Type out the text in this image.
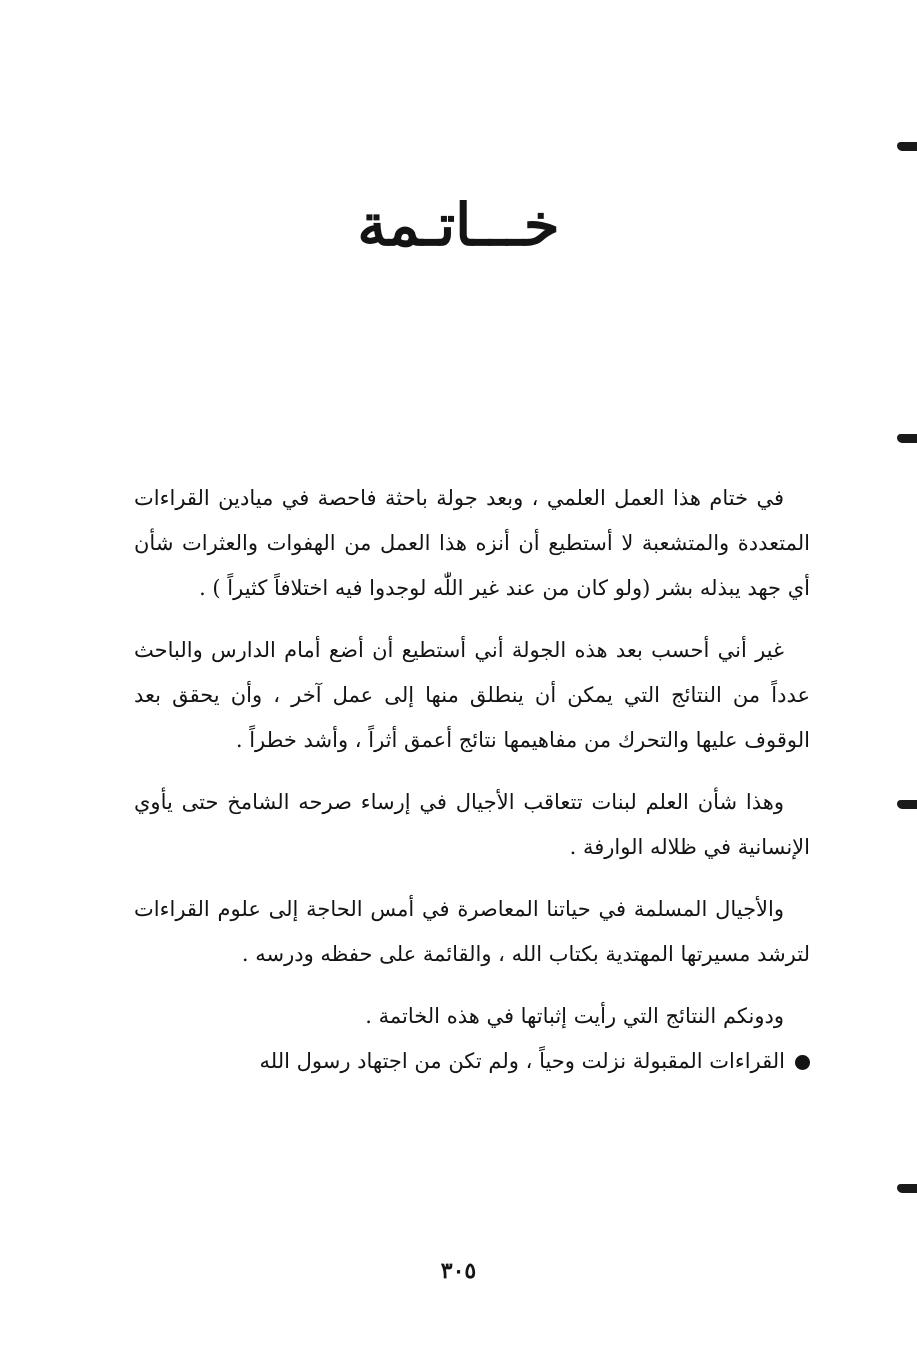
خـــاتـمة

في ختام هذا العمل العلمي ، وبعد جولة باحثة فاحصة في ميادين القراءات المتعددة والمتشعبة لا أستطيع أن أنزه هذا العمل من الهفوات والعثرات شأن أي جهد يبذله بشر (ولو كان من عند غير اللّٰه لوجدوا فيه اختلافاً كثيراً ) .

غير أني أحسب بعد هذه الجولة أني أستطيع أن أضع أمام الدارس والباحث عدداً من النتائج التي يمكن أن ينطلق منها إلى عمل آخر ، وأن يحقق بعد الوقوف عليها والتحرك من مفاهيمها نتائج أعمق أثراً ، وأشد خطراً .

وهذا شأن العلم لبنات تتعاقب الأجيال في إرساء صرحه الشامخ حتى يأوي الإنسانية في ظلاله الوارفة .

والأجيال المسلمة في حياتنا المعاصرة في أمس الحاجة إلى علوم القراءات لترشد مسيرتها المهتدية بكتاب الله ، والقائمة على حفظه ودرسه .

ودونكم النتائج التي رأيت إثباتها في هذه الخاتمة .

القراءات المقبولة نزلت وحياً ، ولم تكن من اجتهاد رسول الله

٣٠٥
